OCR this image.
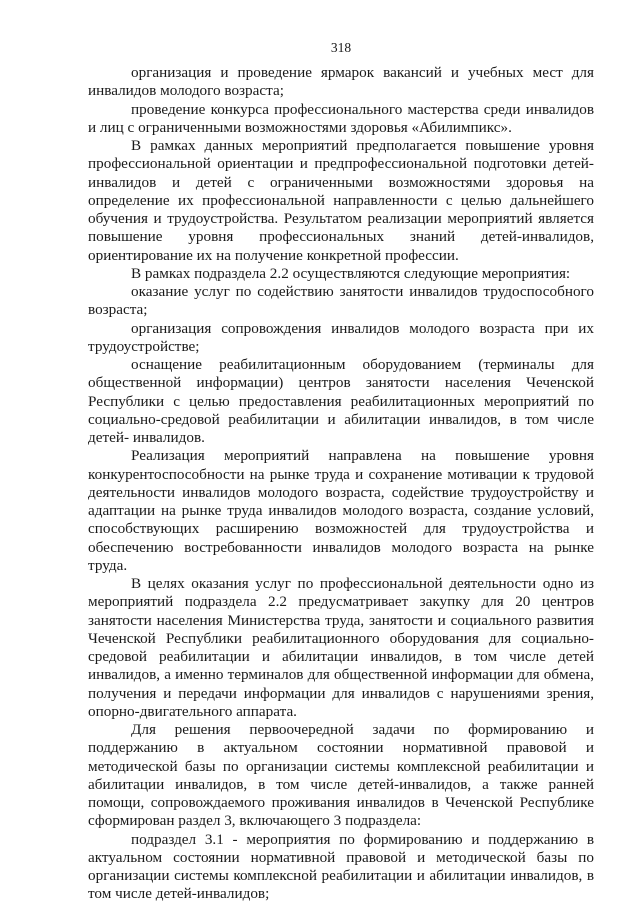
318

организация и проведение ярмарок вакансий и учебных мест для инвалидов молодого возраста;

проведение конкурса профессионального мастерства среди инвалидов и лиц с ограниченными возможностями здоровья «Абилимпикс».

В рамках данных мероприятий предполагается повышение уровня профессиональной ориентации и предпрофессиональной подготовки детей-инвалидов и детей с ограниченными возможностями здоровья на определение их профессиональной направленности с целью дальнейшего обучения и трудоустройства. Результатом реализации мероприятий является повышение уровня профессиональных знаний детей-инвалидов, ориентирование их на получение конкретной профессии.

В рамках подраздела 2.2 осуществляются следующие мероприятия:

оказание услуг по содействию занятости инвалидов трудоспособного возраста;

организация сопровождения инвалидов молодого возраста при их трудоустройстве;

оснащение реабилитационным оборудованием (терминалы для общественной информации) центров занятости населения Чеченской Республики с целью предоставления реабилитационных мероприятий по социально-средовой реабилитации и абилитации инвалидов, в том числе детей- инвалидов.

Реализация мероприятий направлена на повышение уровня конкурентоспособности на рынке труда и сохранение мотивации к трудовой деятельности инвалидов молодого возраста, содействие трудоустройству и адаптации на рынке труда инвалидов молодого возраста, создание условий, способствующих расширению возможностей для трудоустройства и обеспечению востребованности инвалидов молодого возраста на рынке труда.

В целях оказания услуг по профессиональной деятельности одно из мероприятий подраздела 2.2 предусматривает закупку для 20 центров занятости населения Министерства труда, занятости и социального развития Чеченской Республики реабилитационного оборудования для социально-средовой реабилитации и абилитации инвалидов, в том числе детей инвалидов, а именно терминалов для общественной информации для обмена, получения и передачи информации для инвалидов с нарушениями зрения, опорно-двигательного аппарата.

Для решения первоочередной задачи по формированию и поддержанию в актуальном состоянии нормативной правовой и методической базы по организации системы комплексной реабилитации и абилитации инвалидов, в том числе детей-инвалидов, а также ранней помощи, сопровождаемого проживания инвалидов в Чеченской Республике сформирован раздел 3, включающего 3 подраздела:

подраздел 3.1 - мероприятия по формированию и поддержанию в актуальном состоянии нормативной правовой и методической базы по организации системы комплексной реабилитации и абилитации инвалидов, в том числе детей-инвалидов;
